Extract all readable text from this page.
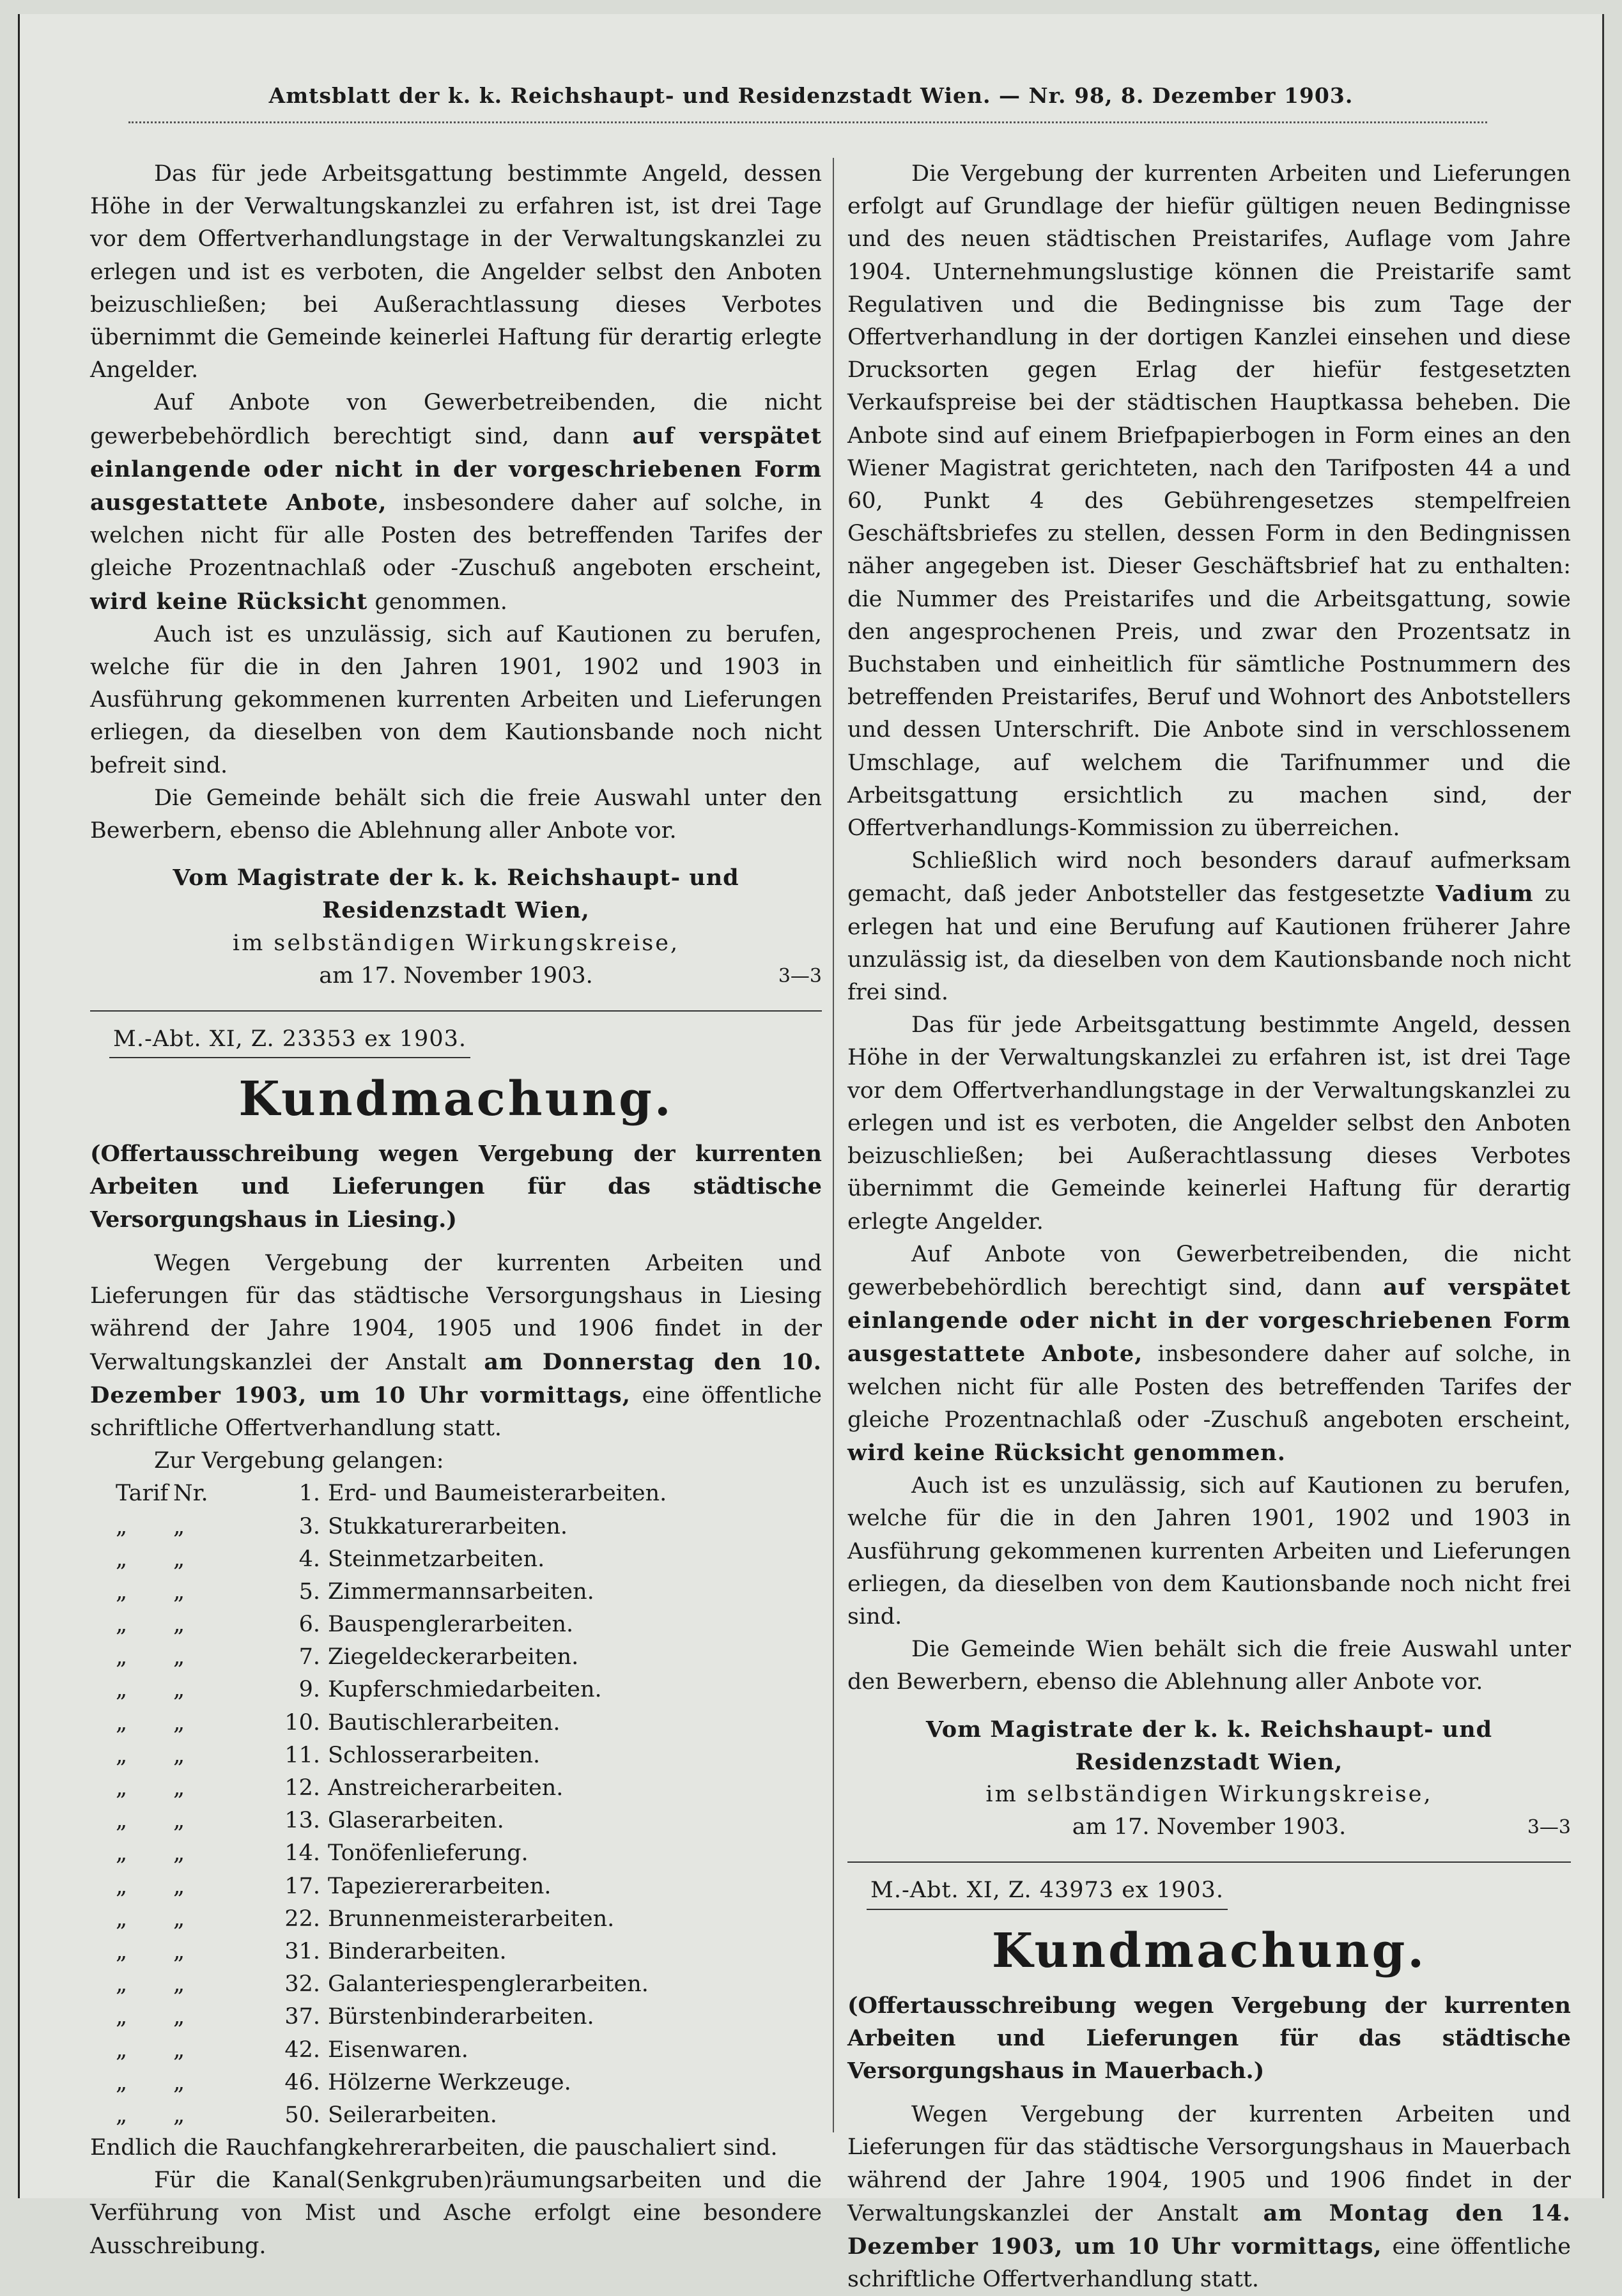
Amtsblatt der k. k. Reichshaupt- und Residenzstadt Wien. — Nr. 98, 8. Dezember 1903.

Das für jede Arbeitsgattung bestimmte Angeld, dessen Höhe in der Verwaltungskanzlei zu erfahren ist, ist drei Tage vor dem Offertverhandlungstage in der Verwaltungskanzlei zu erlegen und ist es verboten, die Angelder selbst den Anboten beizuschließen; bei Außerachtlassung dieses Verbotes übernimmt die Gemeinde keinerlei Haftung für derartig erlegte Angelder.

Auf Anbote von Gewerbetreibenden, die nicht gewerbebehördlich berechtigt sind, dann auf verspätet einlangende oder nicht in der vorgeschriebenen Form ausgestattete Anbote, insbesondere daher auf solche, in welchen nicht für alle Posten des betreffenden Tarifes der gleiche Prozentnachlaß oder -Zuschuß angeboten erscheint, wird keine Rücksicht genommen.

Auch ist es unzulässig, sich auf Kautionen zu berufen, welche für die in den Jahren 1901, 1902 und 1903 in Ausführung gekommenen kurrenten Arbeiten und Lieferungen erliegen, da dieselben von dem Kautionsbande noch nicht befreit sind.

Die Gemeinde behält sich die freie Auswahl unter den Bewerbern, ebenso die Ablehnung aller Anbote vor.

Vom Magistrate der k. k. Reichshaupt- und Residenzstadt Wien,
im selbständigen Wirkungskreise,
am 17. November 1903.	3—3
M.-Abt. XI, Z. 23353 ex 1903.
Kundmachung.

(Offertausschreibung wegen Vergebung der kurrenten Arbeiten und Lieferungen für das städtische Versorgungshaus in Liesing.)

Wegen Vergebung der kurrenten Arbeiten und Lieferungen für das städtische Versorgungshaus in Liesing während der Jahre 1904, 1905 und 1906 findet in der Verwaltungskanzlei der Anstalt am Donnerstag den 10. Dezember 1903, um 10 Uhr vormittags, eine öffentliche schriftliche Offertverhandlung statt.

Zur Vergebung gelangen:

Tarif Nr.	1. Erd- und Baumeisterarbeiten.
„	„	3. Stukkaturerarbeiten.
„	„	4. Steinmetzarbeiten.
„	„	5. Zimmermannsarbeiten.
„	„	6. Bauspenglerarbeiten.
„	„	7. Ziegeldeckerarbeiten.
„	„	9. Kupferschmiedarbeiten.
„	„	10. Bautischlerarbeiten.
„	„	11. Schlosserarbeiten.
„	„	12. Anstreicherarbeiten.
„	„	13. Glaserarbeiten.
„	„	14. Tonöfenlieferung.
„	„	17. Tapeziererarbeiten.
„	„	22. Brunnenmeisterarbeiten.
„	„	31. Binderarbeiten.
„	„	32. Galanteriespenglerarbeiten.
„	„	37. Bürstenbinderarbeiten.
„	„	42. Eisenwaren.
„	„	46. Hölzerne Werkzeuge.
„	„	50. Seilerarbeiten.

Endlich die Rauchfangkehrerarbeiten, die pauschaliert sind.

Für die Kanal(Senkgruben)räumungsarbeiten und die Verführung von Mist und Asche erfolgt eine besondere Ausschreibung.

Die Vergebung der kurrenten Arbeiten und Lieferungen erfolgt auf Grundlage der hiefür gültigen neuen Bedingnisse und des neuen städtischen Preistarifes, Auflage vom Jahre 1904. Unternehmungslustige können die Preistarife samt Regulativen und die Bedingnisse bis zum Tage der Offertverhandlung in der dortigen Kanzlei einsehen und diese Drucksorten gegen Erlag der hiefür festgesetzten Verkaufspreise bei der städtischen Hauptkassa beheben. Die Anbote sind auf einem Briefpapierbogen in Form eines an den Wiener Magistrat gerichteten, nach den Tarifposten 44 a und 60, Punkt 4 des Gebührengesetzes stempelfreien Geschäftsbriefes zu stellen, dessen Form in den Bedingnissen näher angegeben ist. Dieser Geschäftsbrief hat zu enthalten: die Nummer des Preistarifes und die Arbeitsgattung, sowie den angesprochenen Preis, und zwar den Prozentsatz in Buchstaben und einheitlich für sämtliche Postnummern des betreffenden Preistarifes, Beruf und Wohnort des Anbotstellers und dessen Unterschrift. Die Anbote sind in verschlossenem Umschlage, auf welchem die Tarifnummer und die Arbeitsgattung ersichtlich zu machen sind, der Offertverhandlungs-Kommission zu überreichen.

Schließlich wird noch besonders darauf aufmerksam gemacht, daß jeder Anbotsteller das festgesetzte Vadium zu erlegen hat und eine Berufung auf Kautionen früherer Jahre unzulässig ist, da dieselben von dem Kautionsbande noch nicht frei sind.

Das für jede Arbeitsgattung bestimmte Angeld, dessen Höhe in der Verwaltungskanzlei zu erfahren ist, ist drei Tage vor dem Offertverhandlungstage in der Verwaltungskanzlei zu erlegen und ist es verboten, die Angelder selbst den Anboten beizuschließen; bei Außerachtlassung dieses Verbotes übernimmt die Gemeinde keinerlei Haftung für derartig erlegte Angelder.

Auf Anbote von Gewerbetreibenden, die nicht gewerbebehördlich berechtigt sind, dann auf verspätet einlangende oder nicht in der vorgeschriebenen Form ausgestattete Anbote, insbesondere daher auf solche, in welchen nicht für alle Posten des betreffenden Tarifes der gleiche Prozentnachlaß oder -Zuschuß angeboten erscheint, wird keine Rücksicht genommen.

Auch ist es unzulässig, sich auf Kautionen zu berufen, welche für die in den Jahren 1901, 1902 und 1903 in Ausführung gekommenen kurrenten Arbeiten und Lieferungen erliegen, da dieselben von dem Kautionsbande noch nicht frei sind.

Die Gemeinde Wien behält sich die freie Auswahl unter den Bewerbern, ebenso die Ablehnung aller Anbote vor.

Vom Magistrate der k. k. Reichshaupt- und Residenzstadt Wien,
im selbständigen Wirkungskreise,
am 17. November 1903.	3—3
M.-Abt. XI, Z. 43973 ex 1903.
Kundmachung.

(Offertausschreibung wegen Vergebung der kurrenten Arbeiten und Lieferungen für das städtische Versorgungshaus in Mauerbach.)

Wegen Vergebung der kurrenten Arbeiten und Lieferungen für das städtische Versorgungshaus in Mauerbach während der Jahre 1904, 1905 und 1906 findet in der Verwaltungskanzlei der Anstalt am Montag den 14. Dezember 1903, um 10 Uhr vormittags, eine öffentliche schriftliche Offertverhandlung statt.
